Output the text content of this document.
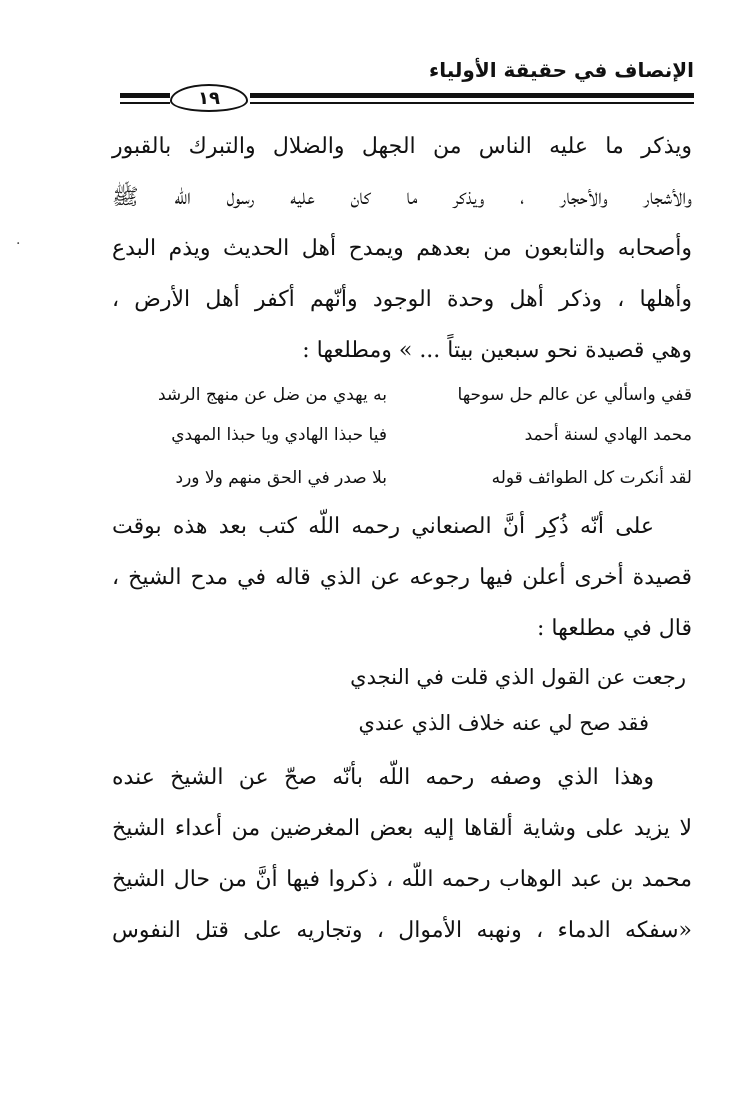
الإنصاف في حقيقة الأولياء
١٩
ويذكر ما عليه الناس من الجهل والضلال والتبرك بالقبور
والأشجار والأحجار ، ويذكر ما كان عليه رسول اللّه ﷺ
وأصحابه والتابعون من بعدهم ويمدح أهل الحديث ويذم البدع
وأهلها ، وذكر أهل وحدة الوجود وأنّهم أكفر أهل الأرض ،
وهي قصيدة نحو سبعين بيتاً ... » ومطلعها :
قفي واسألي عن عالم حل سوحها
به يهدي من ضل عن منهج الرشد
محمد الهادي لسنة أحمد
فيا حبذا الهادي ويا حبذا المهدي
لقد أنكرت كل الطوائف قوله
بلا صدر في الحق منهم ولا ورد
على أنّه ذُكِر أنَّ الصنعاني رحمه اللّه كتب بعد هذه بوقت
قصيدة أخرى أعلن فيها رجوعه عن الذي قاله في مدح الشيخ ،
قال في مطلعها :
رجعت عن القول الذي قلت في النجدي
فقد صح لي عنه خلاف الذي عندي
وهذا الذي وصفه رحمه اللّه بأنّه صحّ عن الشيخ عنده
لا يزيد على وشاية ألقاها إليه بعض المغرضين من أعداء الشيخ
محمد بن عبد الوهاب رحمه اللّه ، ذكروا فيها أنَّ من حال الشيخ
«سفكه الدماء ، ونهبه الأموال ، وتجاريه على قتل النفوس
·
